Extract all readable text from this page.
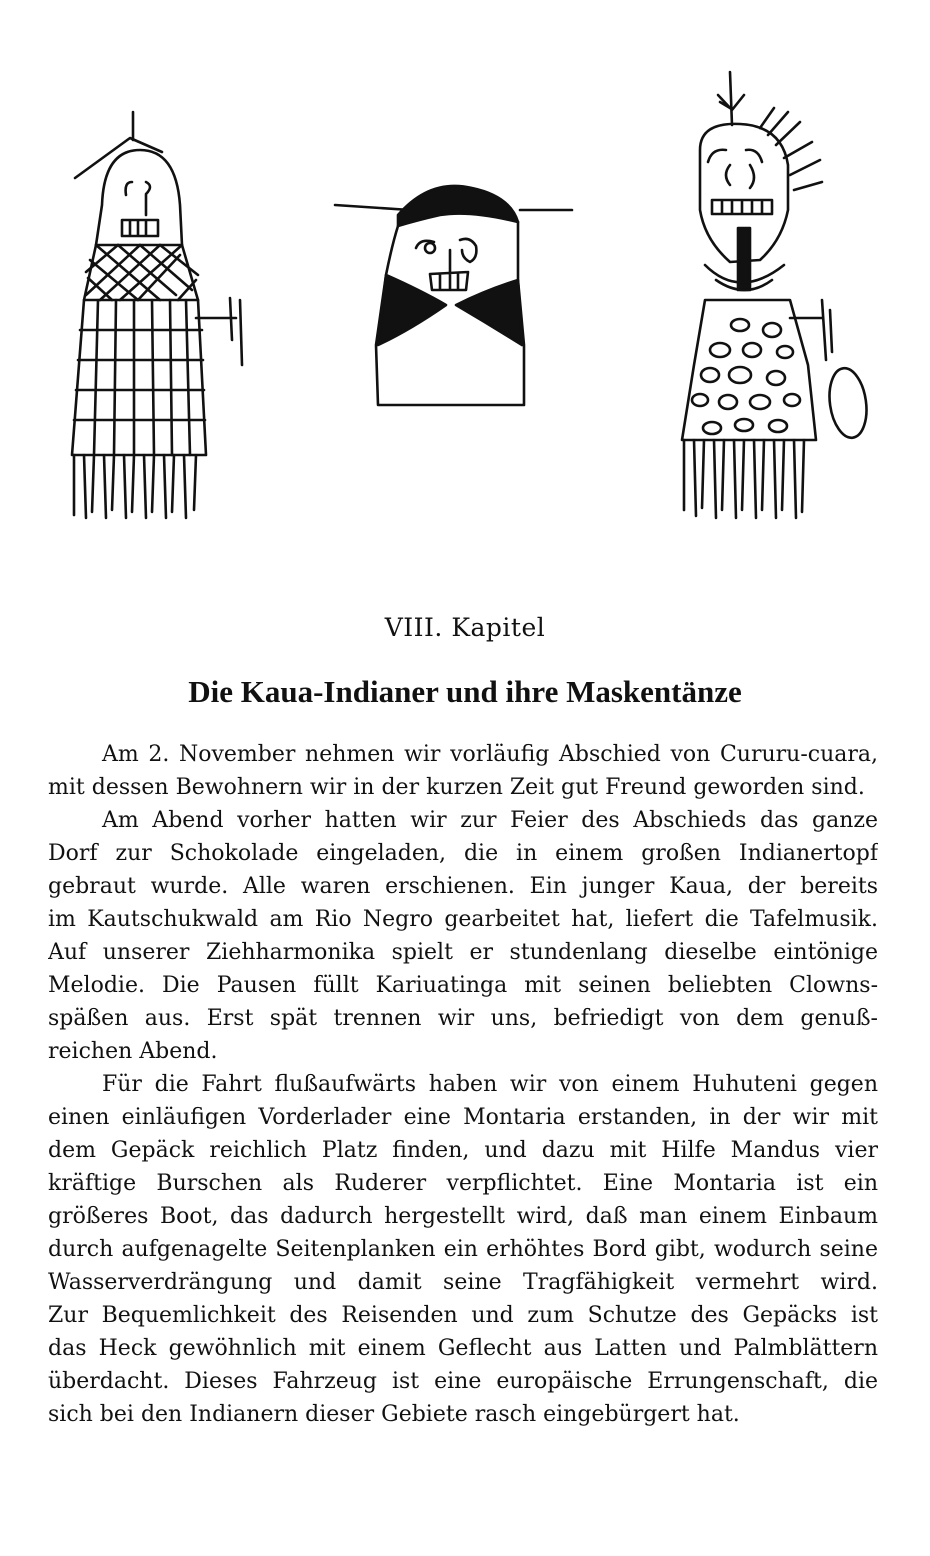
VIII. Kapitel
Die Kaua-Indianer und ihre Maskentänze
Am 2. November nehmen wir vorläufig Abschied von Cururu-cuara,
mit dessen Bewohnern wir in der kurzen Zeit gut Freund geworden sind.
Am Abend vorher hatten wir zur Feier des Abschieds das ganze
Dorf zur Schokolade eingeladen, die in einem großen Indianertopf
gebraut wurde. Alle waren erschienen. Ein junger Kaua, der bereits
im Kautschukwald am Rio Negro gearbeitet hat, liefert die Tafelmusik.
Auf unserer Ziehharmonika spielt er stundenlang dieselbe eintönige
Melodie. Die Pausen füllt Kariuatinga mit seinen beliebten Clowns-
späßen aus. Erst spät trennen wir uns, befriedigt von dem genuß-
reichen Abend.
Für die Fahrt flußaufwärts haben wir von einem Huhuteni gegen
einen einläufigen Vorderlader eine Montaria erstanden, in der wir mit
dem Gepäck reichlich Platz finden, und dazu mit Hilfe Mandus vier
kräftige Burschen als Ruderer verpflichtet. Eine Montaria ist ein
größeres Boot, das dadurch hergestellt wird, daß man einem Einbaum
durch aufgenagelte Seitenplanken ein erhöhtes Bord gibt, wodurch seine
Wasserverdrängung und damit seine Tragfähigkeit vermehrt wird.
Zur Bequemlichkeit des Reisenden und zum Schutze des Gepäcks ist
das Heck gewöhnlich mit einem Geflecht aus Latten und Palmblättern
überdacht. Dieses Fahrzeug ist eine europäische Errungenschaft, die
sich bei den Indianern dieser Gebiete rasch eingebürgert hat.
